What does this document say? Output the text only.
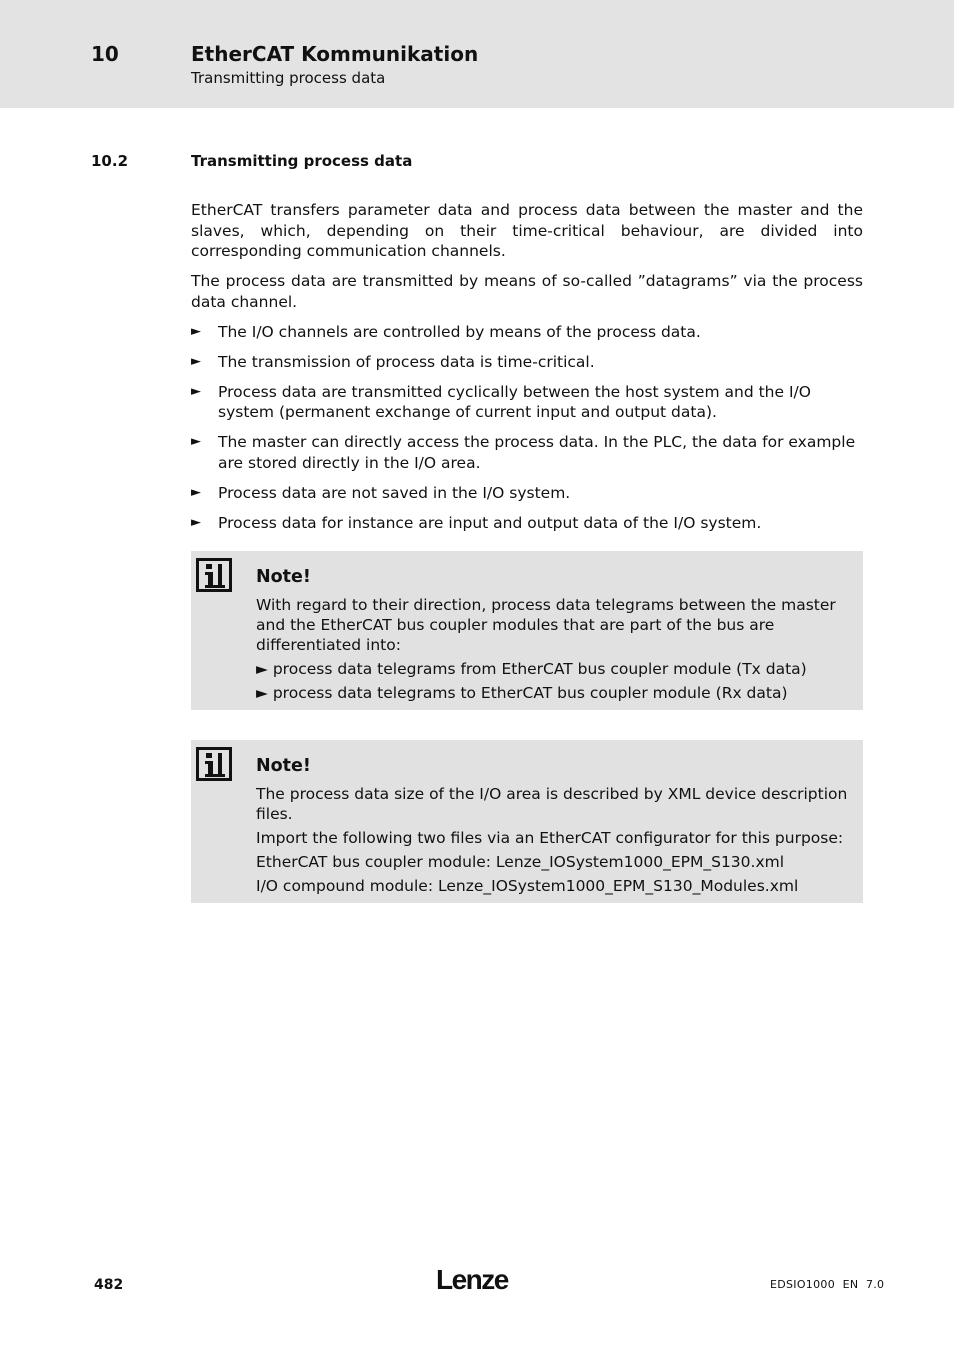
10	EtherCAT Kommunikation
Transmitting process data
10.2	Transmitting process data

EtherCAT transfers parameter data and process data between the master and the slaves, which, depending on their time-critical behaviour, are divided into corresponding communication channels.

The process data are transmitted by means of so-called ”datagrams” via the process data channel.

► The I/O channels are controlled by means of the process data.
► The transmission of process data is time-critical.
► Process data are transmitted cyclically between the host system and the I/O system (permanent exchange of current input and output data).
► The master can directly access the process data. In the PLC, the data for example are stored directly in the I/O area.
► Process data are not saved in the I/O system.
► Process data for instance are input and output data of the I/O system.
Note!
With regard to their direction, process data telegrams between the master and the EtherCAT bus coupler modules that are part of the bus are differentiated into:
► process data telegrams from EtherCAT bus coupler module (Tx data)
► process data telegrams to EtherCAT bus coupler module (Rx data)
Note!
The process data size of the I/O area is described by XML device description files.
Import the following two files via an EtherCAT configurator for this purpose:
EtherCAT bus coupler module: Lenze_IOSystem1000_EPM_S130.xml
I/O compound module: Lenze_IOSystem1000_EPM_S130_Modules.xml
482	Lenze	EDSIO1000  EN  7.0
